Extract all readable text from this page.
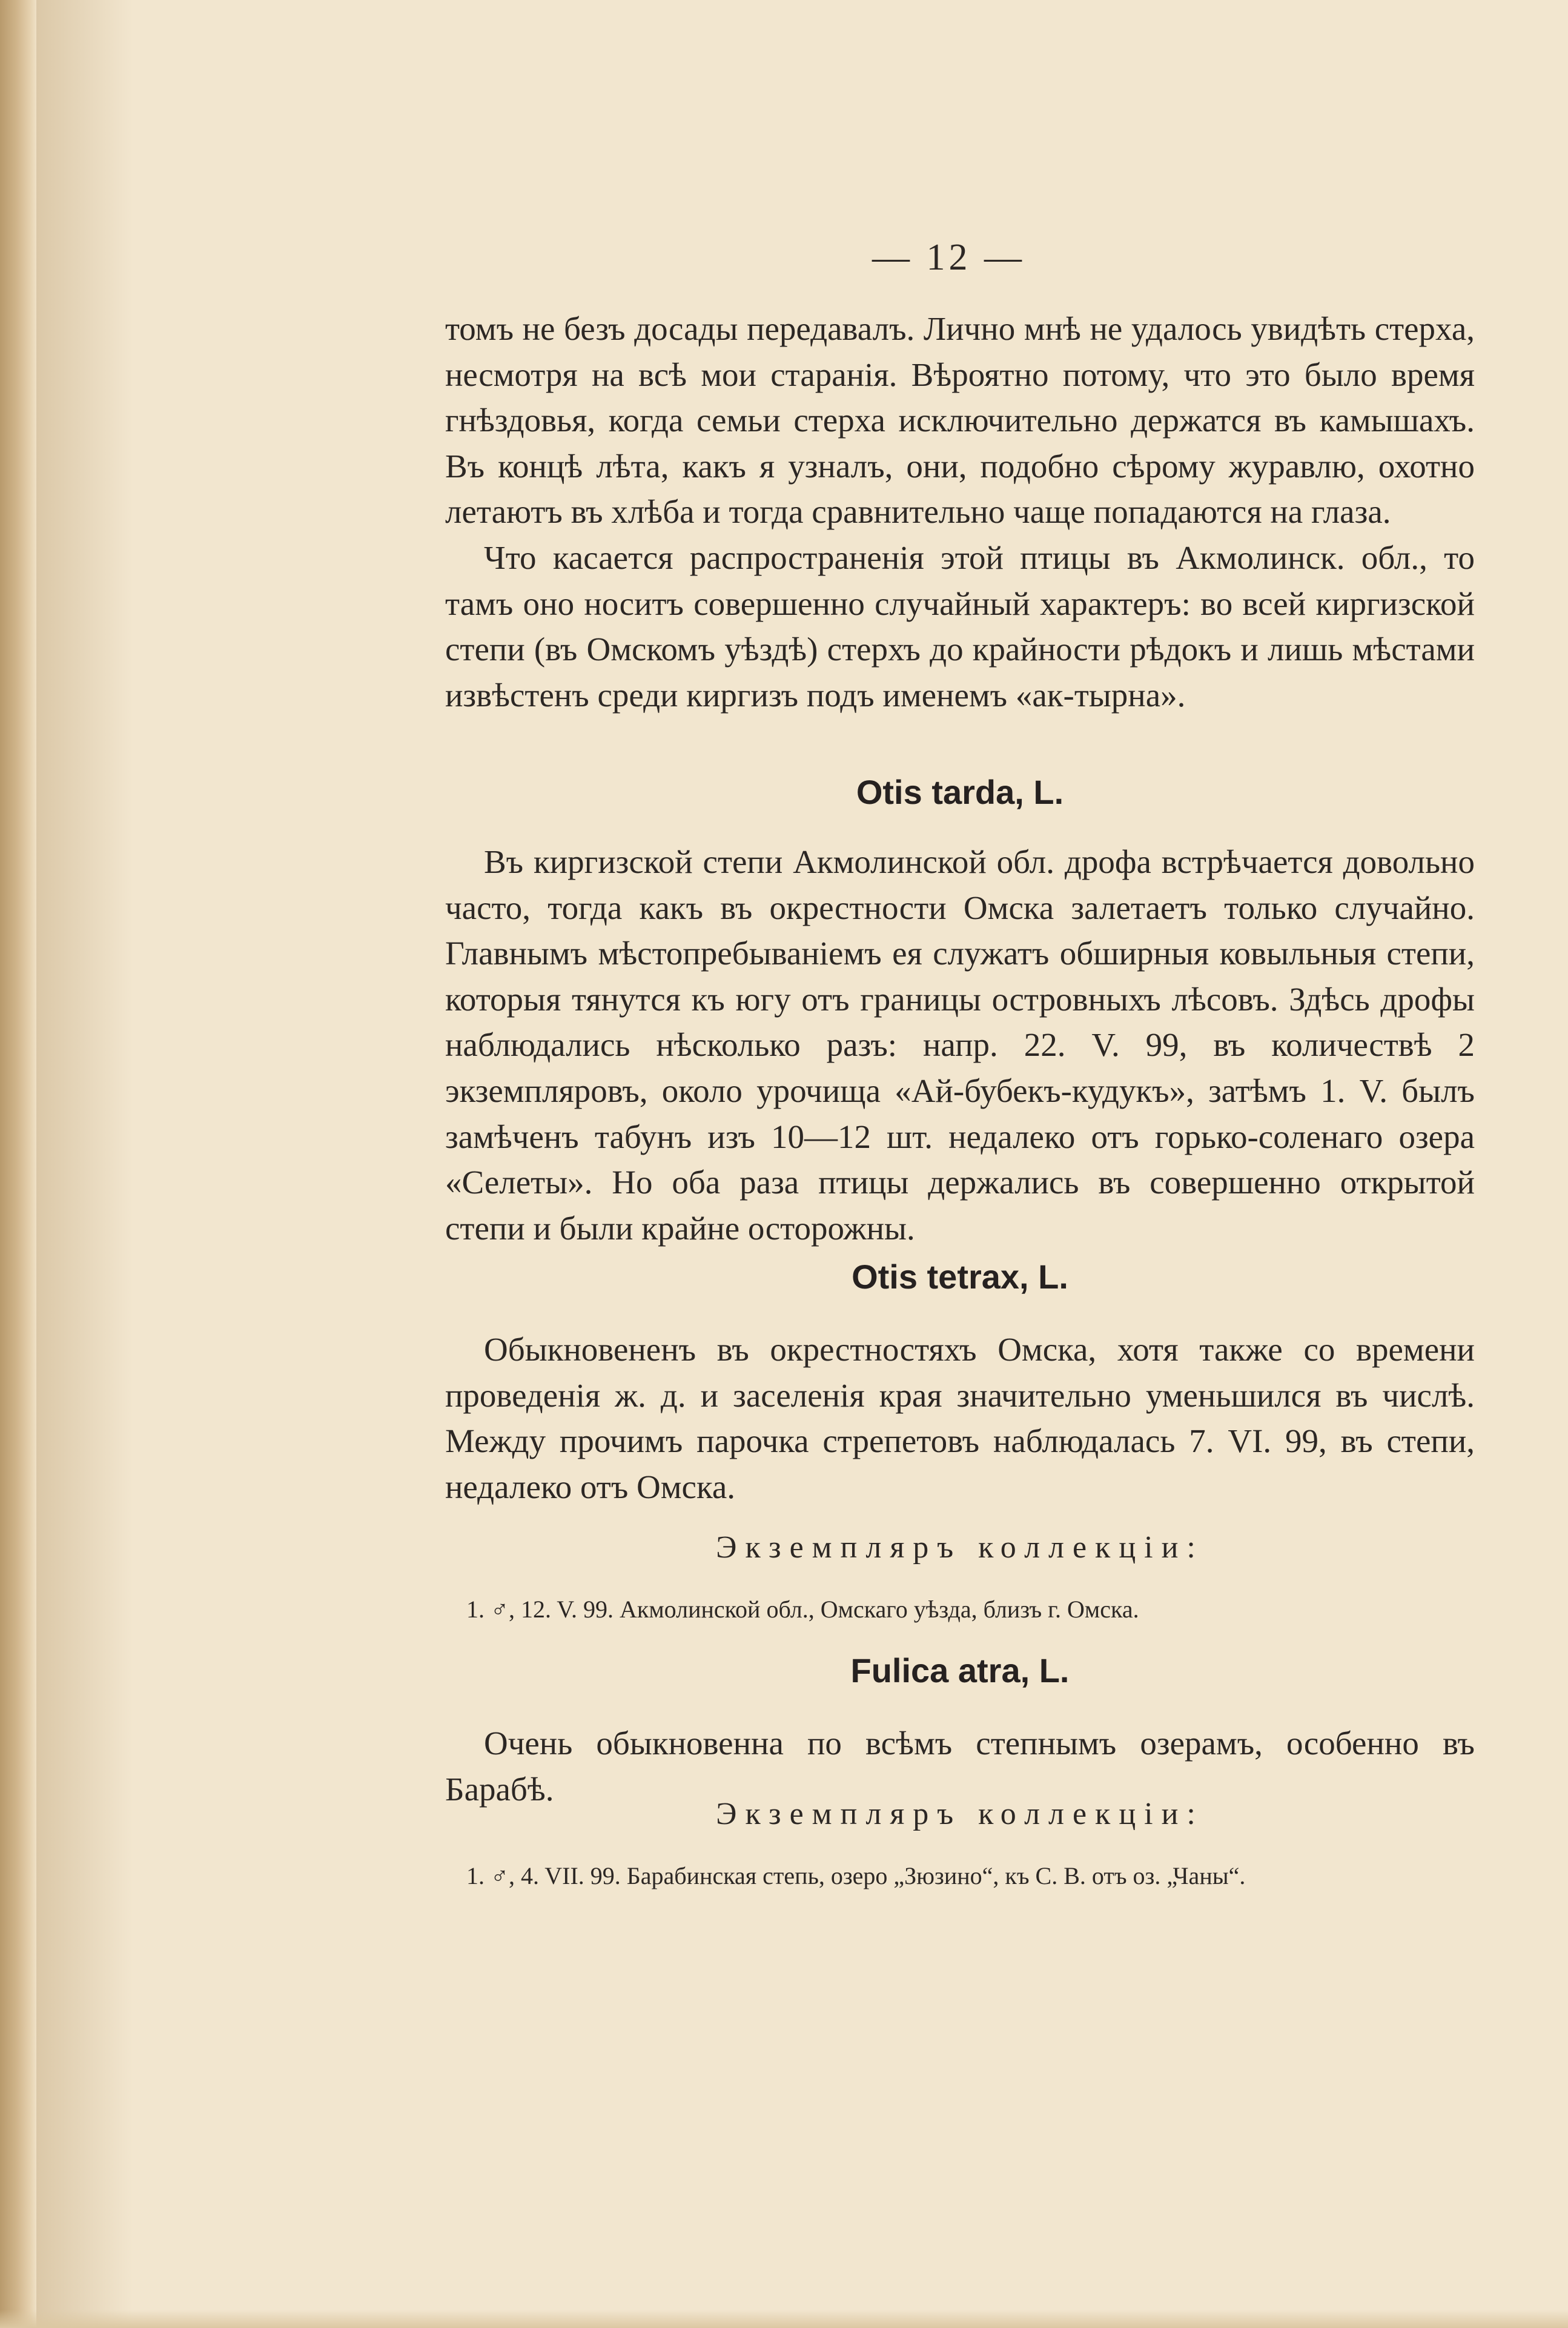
— 12 —

томъ не безъ досады передавалъ. Лично мнѣ не удалось увидѣть стерха, несмотря на всѣ мои старанія. Вѣроятно потому, что это было время гнѣздовья, когда семьи стерха исключительно держатся въ камышахъ. Въ концѣ лѣта, какъ я узналъ, они, подобно сѣрому журавлю, охотно летаютъ въ хлѣба и тогда сравнительно чаще попадаются на глаза.

Что касается распространенія этой птицы въ Акмолинск. обл., то тамъ оно носитъ совершенно случайный характеръ: во всей киргизской степи (въ Омскомъ уѣздѣ) стерхъ до крайности рѣдокъ и лишь мѣстами извѣстенъ среди киргизъ подъ именемъ «ак-тырна».

Otis tarda, L.

Въ киргизской степи Акмолинской обл. дрофа встрѣчается довольно часто, тогда какъ въ окрестности Омска залетаетъ только случайно. Главнымъ мѣстопребываніемъ ея служатъ обширныя ковыльныя степи, которыя тянутся къ югу отъ границы островныхъ лѣсовъ. Здѣсь дрофы наблюдались нѣсколько разъ: напр. 22. V. 99, въ количествѣ 2 экземпляровъ, около урочища «Ай-бубекъ-кудукъ», затѣмъ 1. V. былъ замѣченъ табунъ изъ 10—12 шт. недалеко отъ горько-соленаго озера «Селеты». Но оба раза птицы держались въ совершенно открытой степи и были крайне осторожны.

Otis tetrax, L.

Обыкновененъ въ окрестностяхъ Омска, хотя также со времени проведенія ж. д. и заселенія края значительно уменьшился въ числѣ. Между прочимъ парочка стрепетовъ наблюдалась 7. VI. 99, въ степи, недалеко отъ Омска.

Экземпляръ коллекціи:
1. ♂, 12. V. 99. Акмолинской обл., Омскаго уѣзда, близъ г. Омска.
Fulica atra, L.

Очень обыкновенна по всѣмъ степнымъ озерамъ, особенно въ Барабѣ.

Экземпляръ коллекціи:
1. ♂, 4. VII. 99. Барабинская степь, озеро „Зюзино“, къ С. В. отъ оз. „Чаны“.
